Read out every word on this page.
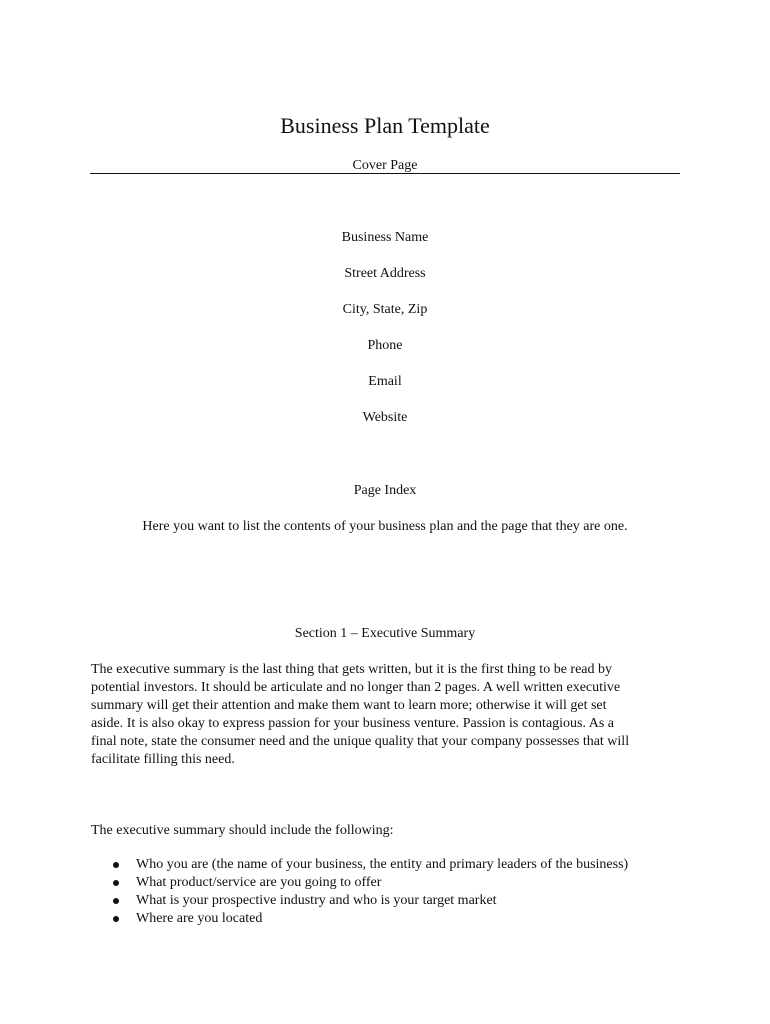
Business Plan Template
Cover Page
Business Name
Street Address
City, State, Zip
Phone
Email
Website
Page Index
Here you want to list the contents of your business plan and the page that they are one.
Section 1 – Executive Summary
The executive summary is the last thing that gets written, but it is the first thing to be read by
potential investors. It should be articulate and no longer than 2 pages. A well written executive
summary will get their attention and make them want to learn more; otherwise it will get set
aside. It is also okay to express passion for your business venture. Passion is contagious. As a
final note, state the consumer need and the unique quality that your company possesses that will
facilitate filling this need.
The executive summary should include the following:
Who you are (the name of your business, the entity and primary leaders of the business)
What product/service are you going to offer
What is your prospective industry and who is your target market
Where are you located
